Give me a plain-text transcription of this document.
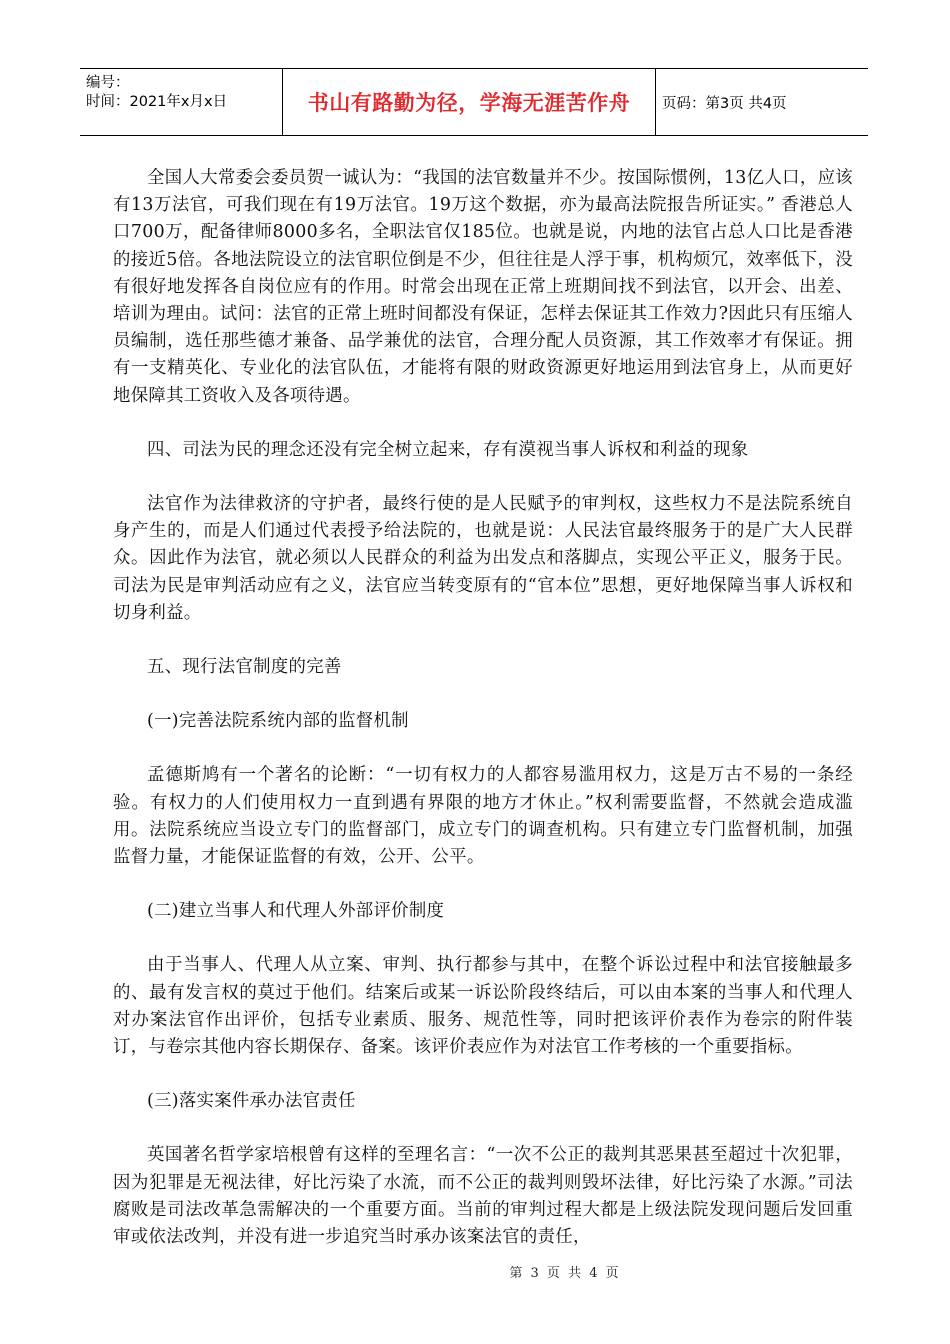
编号：
时间：2021年x月x日	书山有路勤为径，学海无涯苦作舟 页码：第3页 共4页

全国人大常委会委员贺一诚认为：“我国的法官数量并不少。按国际惯例，13亿人口，应该有13万法官，可我们现在有19万法官。19万这个数据，亦为最高法院报告所证实。” 香港总人口700万，配备律师8000多名，全职法官仅185位。也就是说，内地的法官占总人口比是香港的接近5倍。各地法院设立的法官职位倒是不少，但往往是人浮于事，机构烦冗，效率低下，没有很好地发挥各自岗位应有的作用。时常会出现在正常上班期间找不到法官，以开会、出差、培训为理由。试问：法官的正常上班时间都没有保证，怎样去保证其工作效力?因此只有压缩人员编制，选任那些德才兼备、品学兼优的法官，合理分配人员资源，其工作效率才有保证。拥有一支精英化、专业化的法官队伍，才能将有限的财政资源更好地运用到法官身上，从而更好地保障其工资收入及各项待遇。

四、司法为民的理念还没有完全树立起来，存有漠视当事人诉权和利益的现象

法官作为法律救济的守护者，最终行使的是人民赋予的审判权，这些权力不是法院系统自身产生的，而是人们通过代表授予给法院的，也就是说：人民法官最终服务于的是广大人民群众。因此作为法官，就必须以人民群众的利益为出发点和落脚点，实现公平正义，服务于民。司法为民是审判活动应有之义，法官应当转变原有的“官本位”思想，更好地保障当事人诉权和切身利益。

五、现行法官制度的完善

(一)完善法院系统内部的监督机制

孟德斯鸠有一个著名的论断：“一切有权力的人都容易滥用权力，这是万古不易的一条经验。有权力的人们使用权力一直到遇有界限的地方才休止。”权利需要监督，不然就会造成滥用。法院系统应当设立专门的监督部门，成立专门的调查机构。只有建立专门监督机制，加强监督力量，才能保证监督的有效，公开、公平。

(二)建立当事人和代理人外部评价制度

由于当事人、代理人从立案、审判、执行都参与其中，在整个诉讼过程中和法官接触最多的、最有发言权的莫过于他们。结案后或某一诉讼阶段终结后，可以由本案的当事人和代理人对办案法官作出评价，包括专业素质、服务、规范性等，同时把该评价表作为卷宗的附件装订，与卷宗其他内容长期保存、备案。该评价表应作为对法官工作考核的一个重要指标。

(三)落实案件承办法官责任

英国著名哲学家培根曾有这样的至理名言：“一次不公正的裁判其恶果甚至超过十次犯罪，因为犯罪是无视法律，好比污染了水流，而不公正的裁判则毁坏法律，好比污染了水源。”司法腐败是司法改革急需解决的一个重要方面。当前的审判过程大都是上级法院发现问题后发回重审或依法改判，并没有进一步追究当时承办该案法官的责任，

第 3 页 共 4 页
